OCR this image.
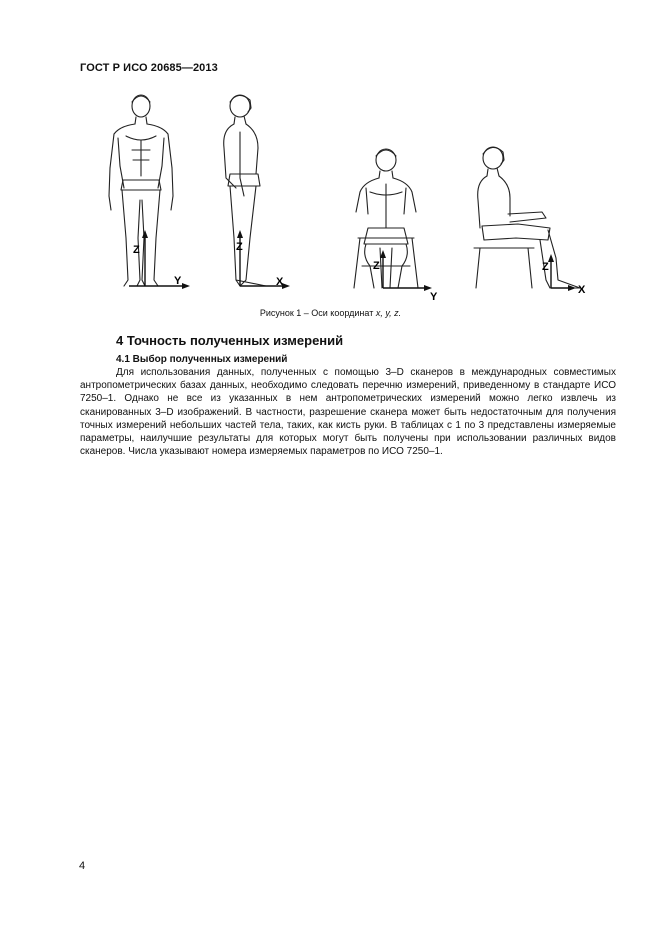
ГОСТ Р ИСО 20685—2013
Z
Y
Z
X
Z
Y
Z
X
Рисунок 1 – Оси координат x, y, z.
4 Точность полученных измерений
4.1 Выбор полученных измерений

Для использования данных, полученных с помощью 3–D сканеров в международных совместимых антропометрических базах данных, необходимо следовать перечню измерений, приведенному в стандарте ИСО 7250–1. Однако не все из указанных в нем антропометрических измерений можно легко извлечь из сканированных 3–D изображений. В частности, разрешение сканера может быть недостаточным для получения точных измерений небольших частей тела, таких, как кисть руки. В таблицах с 1 по 3 представлены измеряемые параметры, наилучшие результаты для которых могут быть получены при использовании различных видов сканеров. Числа указывают номера измеряемых параметров по ИСО 7250–1.

4
